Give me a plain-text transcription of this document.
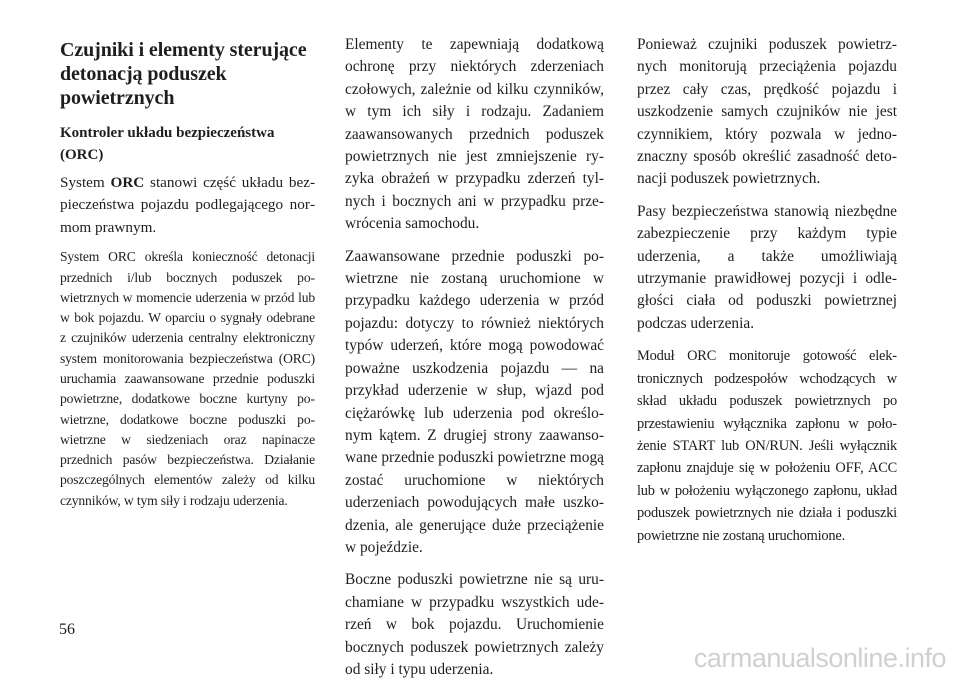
Czujniki i elementy sterujące detonacją poduszek powietrznych
Kontroler układu bezpieczeństwa (ORC)

System ORC stanowi część układu bezpieczeństwa pojazdu podlegającego normom prawnym.

System ORC określa konieczność detonacji przednich i/lub bocznych poduszek powietrznych w momencie uderzenia w przód lub w bok pojazdu. W oparciu o sygnały odebrane z czujników uderzenia centralny elektroniczny system monitorowania bezpieczeństwa (ORC) uruchamia zaawansowane przednie poduszki powietrzne, dodatkowe boczne kurtyny powietrzne, dodatkowe boczne poduszki powietrzne w siedzeniach oraz napinacze przednich pasów bezpieczeństwa. Działanie poszczególnych elementów zależy od kilku czynników, w tym siły i rodzaju uderzenia.

Elementy te zapewniają dodatkową ochronę przy niektórych zderzeniach czołowych, zależnie od kilku czynników, w tym ich siły i rodzaju. Zadaniem zaawansowanych przednich poduszek powietrznych nie jest zmniejszenie ryzyka obrażeń w przypadku zderzeń tylnych i bocznych ani w przypadku przewrócenia samochodu.

Zaawansowane przednie poduszki powietrzne nie zostaną uruchomione w przypadku każdego uderzenia w przód pojazdu: dotyczy to również niektórych typów uderzeń, które mogą powodować poważne uszkodzenia pojazdu — na przykład uderzenie w słup, wjazd pod ciężarówkę lub uderzenia pod określonym kątem. Z drugiej strony zaawansowane przednie poduszki powietrzne mogą zostać uruchomione w niektórych uderzeniach powodujących małe uszkodzenia, ale generujące duże przeciążenie w pojeździe.

Boczne poduszki powietrzne nie są uruchamiane w przypadku wszystkich uderzeń w bok pojazdu. Uruchomienie bocznych poduszek powietrznych zależy od siły i typu uderzenia.

Ponieważ czujniki poduszek powietrznych monitorują przeciążenia pojazdu przez cały czas, prędkość pojazdu i uszkodzenie samych czujników nie jest czynnikiem, który pozwala w jednoznaczny sposób określić zasadność detonacji poduszek powietrznych.

Pasy bezpieczeństwa stanowią niezbędne zabezpieczenie przy każdym typie uderzenia, a także umożliwiają utrzymanie prawidłowej pozycji i odległości ciała od poduszki powietrznej podczas uderzenia.

Moduł ORC monitoruje gotowość elektronicznych podzespołów wchodzących w skład układu poduszek powietrznych po przestawieniu wyłącznika zapłonu w położenie START lub ON/RUN. Jeśli wyłącznik zapłonu znajduje się w położeniu OFF, ACC lub w położeniu wyłączonego zapłonu, układ poduszek powietrznych nie działa i poduszki powietrzne nie zostaną uruchomione.

56
carmanualsonline.info
